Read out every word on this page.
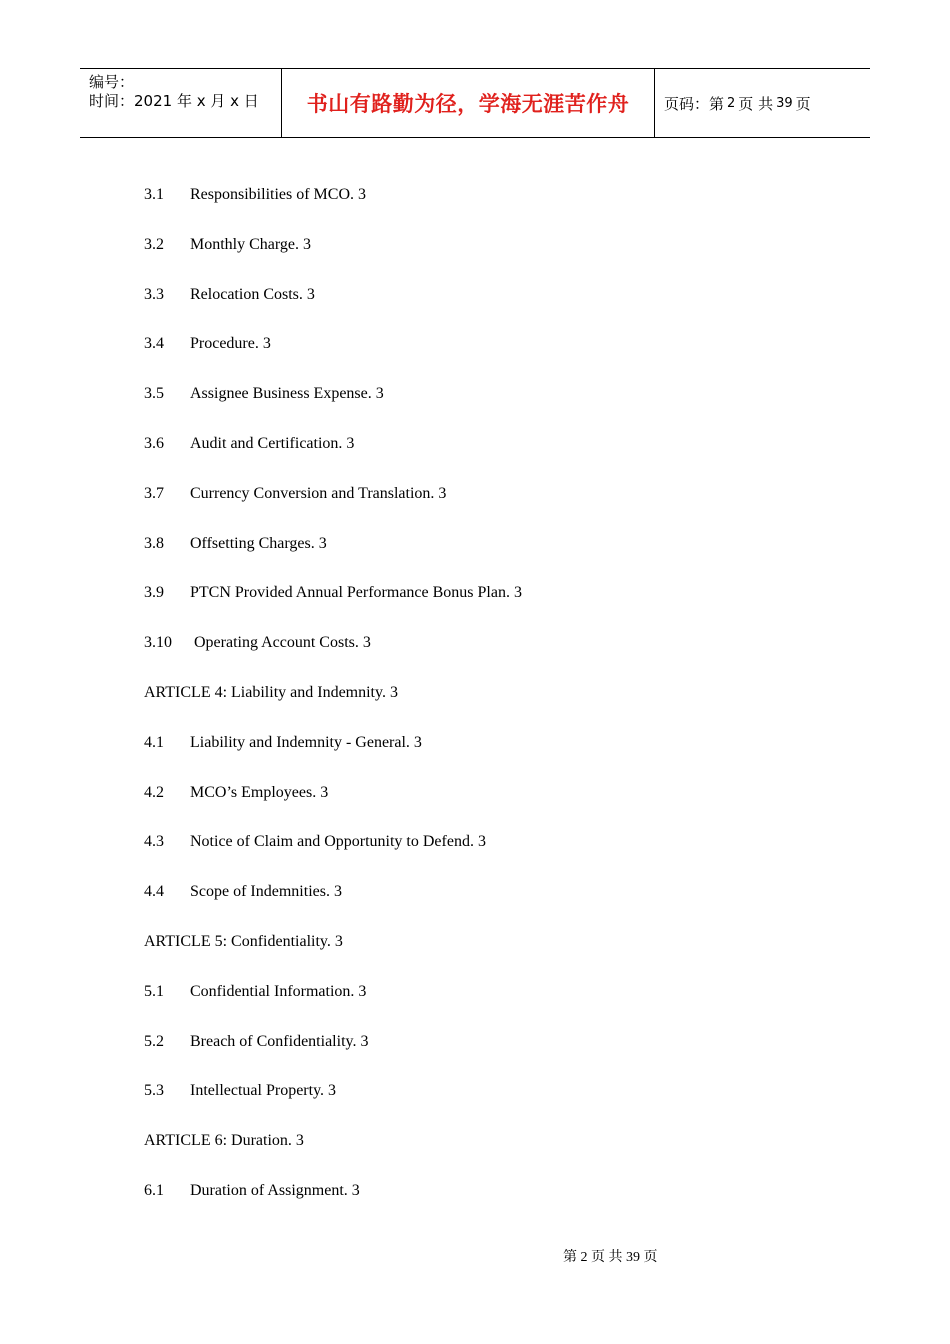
编号：
时间：2021 年 x 月 x 日 书山有路勤为径，学海无涯苦作舟 页码：第 2 页 共 39 页
3.1 Responsibilities of MCO. 3
3.2 Monthly Charge. 3
3.3 Relocation Costs. 3
3.4 Procedure. 3
3.5 Assignee Business Expense. 3
3.6 Audit and Certification. 3
3.7 Currency Conversion and Translation. 3
3.8 Offsetting Charges. 3
3.9 PTCN Provided Annual Performance Bonus Plan. 3
3.10 Operating Account Costs. 3
ARTICLE 4: Liability and Indemnity. 3
4.1 Liability and Indemnity - General. 3
4.2 MCO’s Employees. 3
4.3 Notice of Claim and Opportunity to Defend. 3
4.4 Scope of Indemnities. 3
ARTICLE 5: Confidentiality. 3
5.1 Confidential Information. 3
5.2 Breach of Confidentiality. 3
5.3 Intellectual Property. 3
ARTICLE 6: Duration. 3
6.1 Duration of Assignment. 3
第 2 页 共 39 页
